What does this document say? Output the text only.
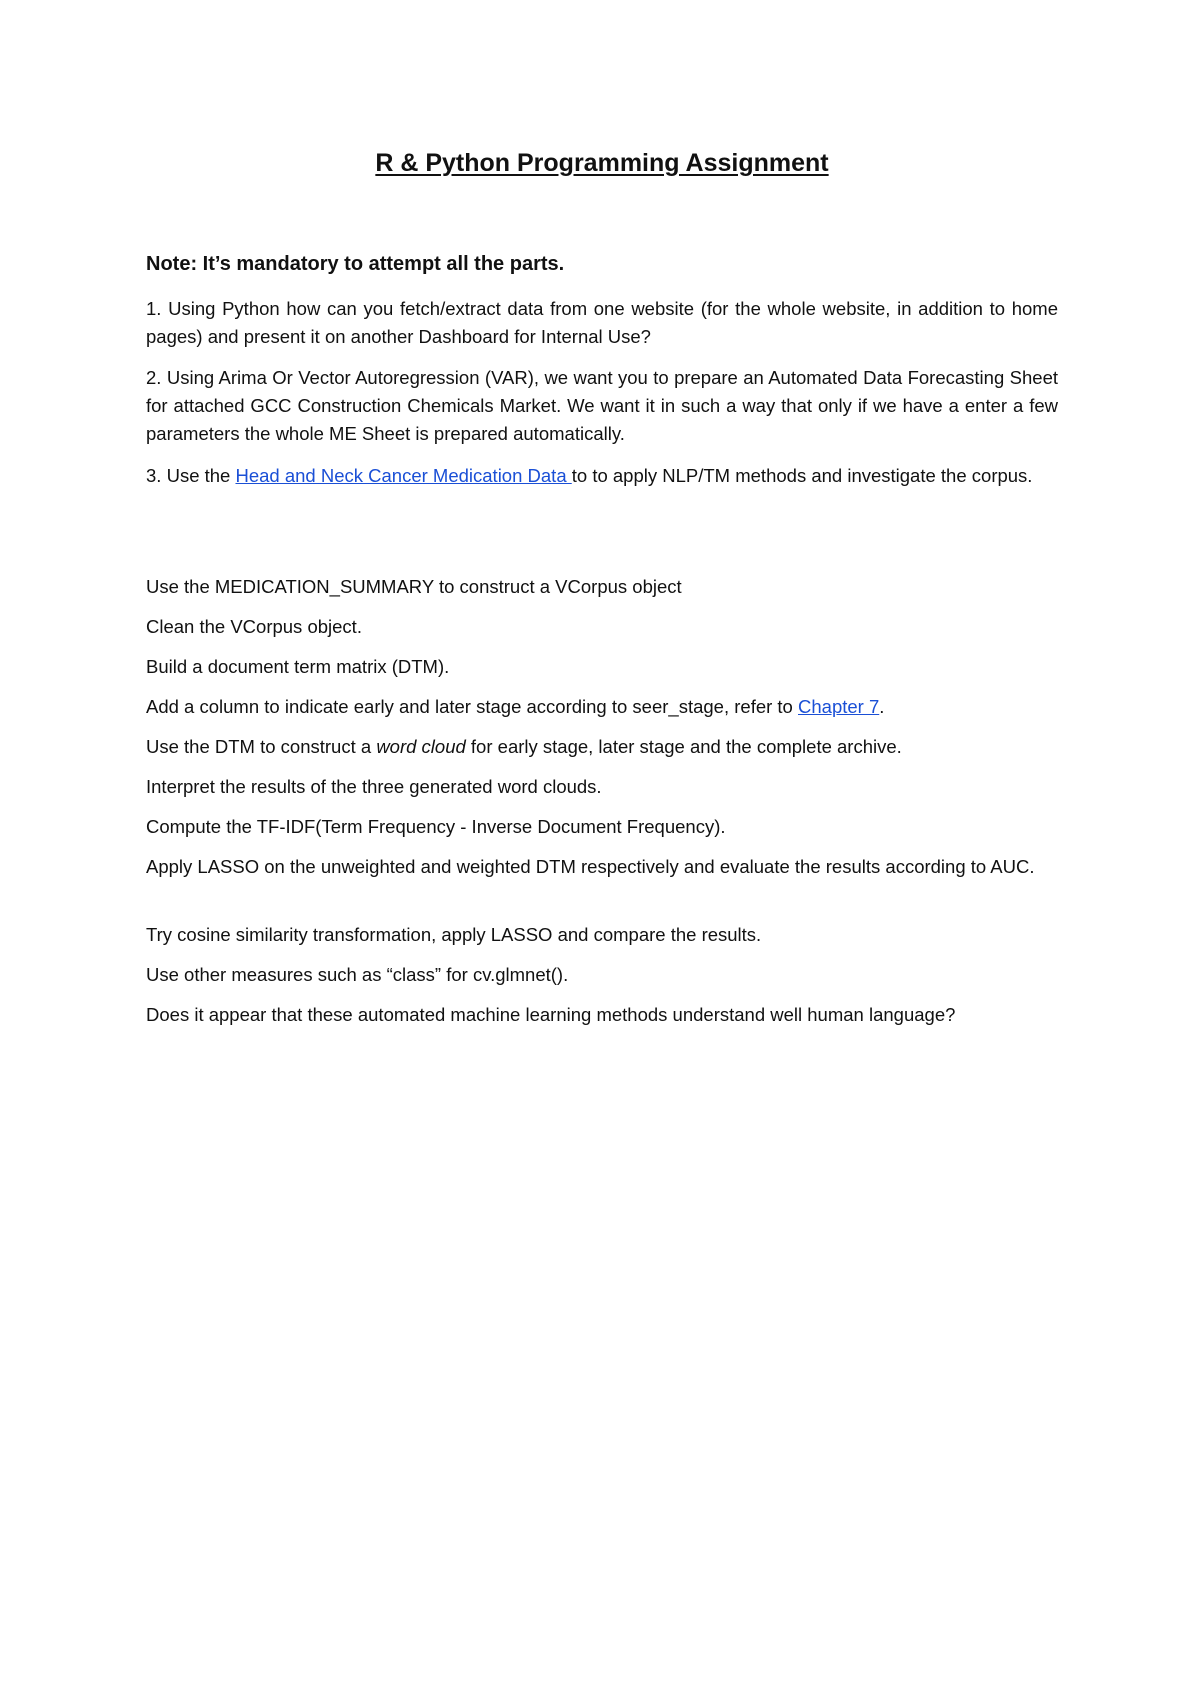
R & Python Programming Assignment
Note: It’s mandatory to attempt all the parts.
1. Using Python how can you fetch/extract data from one website (for the whole website, in addition to home pages) and present it on another Dashboard for Internal Use?
2. Using Arima Or Vector Autoregression (VAR), we want you to prepare an Automated Data Forecasting Sheet for attached GCC Construction Chemicals Market. We want it in such a way that only if we have a enter a few parameters the whole ME Sheet is prepared automatically.
3. Use the Head and Neck Cancer Medication Data to to apply NLP/TM methods and investigate the corpus.
Use the MEDICATION_SUMMARY to construct a VCorpus object
Clean the VCorpus object.
Build a document term matrix (DTM).
Add a column to indicate early and later stage according to seer_stage, refer to Chapter 7.
Use the DTM to construct a word cloud for early stage, later stage and the complete archive.
Interpret the results of the three generated word clouds.
Compute the TF-IDF(Term Frequency - Inverse Document Frequency).
Apply LASSO on the unweighted and weighted DTM respectively and evaluate the results according to AUC.
Try cosine similarity transformation, apply LASSO and compare the results.
Use other measures such as “class” for cv.glmnet().
Does it appear that these automated machine learning methods understand well human language?
